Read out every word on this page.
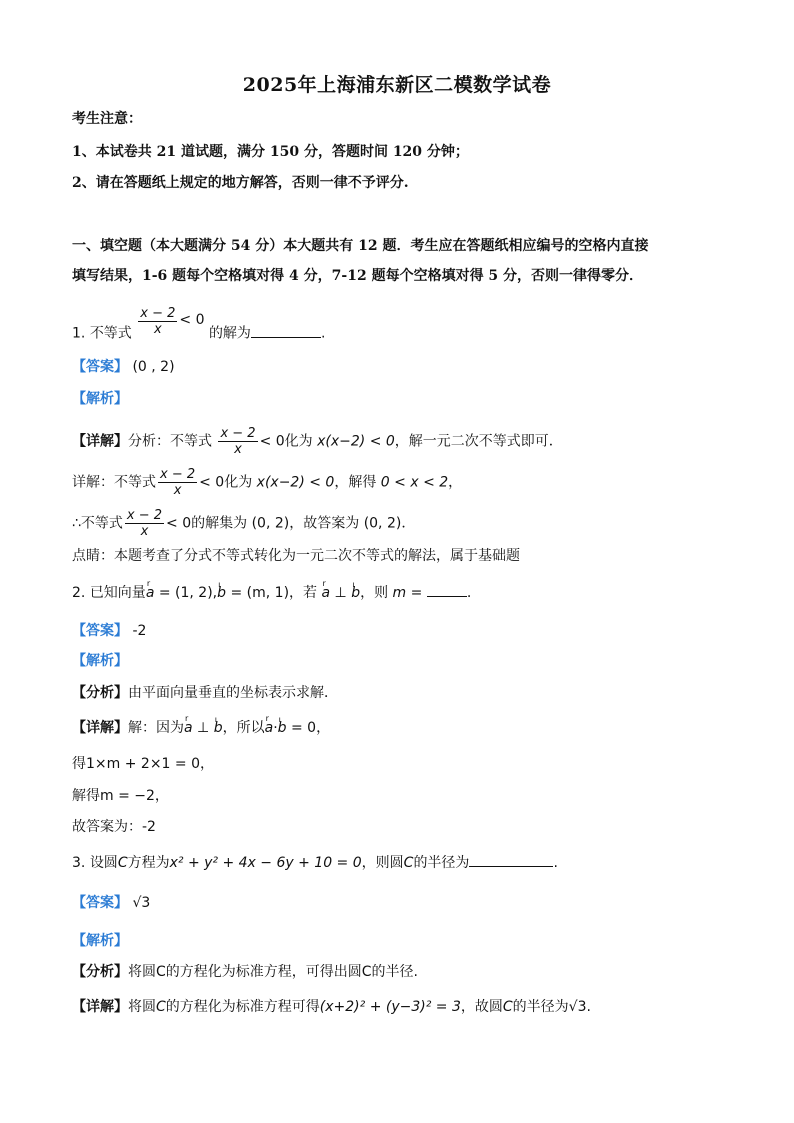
2025年上海浦东新区二模数学试卷
考生注意：
1、本试卷共 21 道试题，满分 150 分，答题时间 120 分钟；
2、请在答题纸上规定的地方解答，否则一律不予评分.
一、填空题（本大题满分 54 分）本大题共有 12 题．考生应在答题纸相应编号的空格内直接
填写结果，1-6 题每个空格填对得 4 分，7-12 题每个空格填对得 5 分，否则一律得零分．
1. 不等式 $\frac{x - 2}{x} < 0$ 的解为	.
【答案】 (0 , 2)
【解析】
【详解】分析：不等式 $\frac{x - 2}{x} < 0$化为 x(x−2) < 0，解一元二次不等式即可．
详解：不等式 $\frac{x - 2}{x} < 0$化为 x(x−2) < 0，解得 0 < x < 2，
∴不等式 $\frac{x - 2}{x} < 0$的解集为 (0, 2)，故答案为 (0, 2)．
点睛：本题考查了分式不等式转化为一元二次不等式的解法，属于基础题
2. 已知向量r a = (1, 2),ı b = (m, 1)，若 r a ⊥ ı b，则 m =	.
【答案】 -2
【解析】
【分析】由平面向量垂直的坐标表示求解．
【详解】解：因为r a ⊥ ı b，所以r a·ı b = 0，
得1×m + 2×1 = 0，
解得m = −2，
故答案为：-2
3. 设圆C方程为x² + y² + 4x − 6y + 10 = 0，则圆C的半径为	.
【答案】 √3
【解析】
【分析】将圆C的方程化为标准方程，可得出圆C的半径.
【详解】将圆C的方程化为标准方程可得(x+2)² + (y−3)² = 3，故圆C的半径为√3.
